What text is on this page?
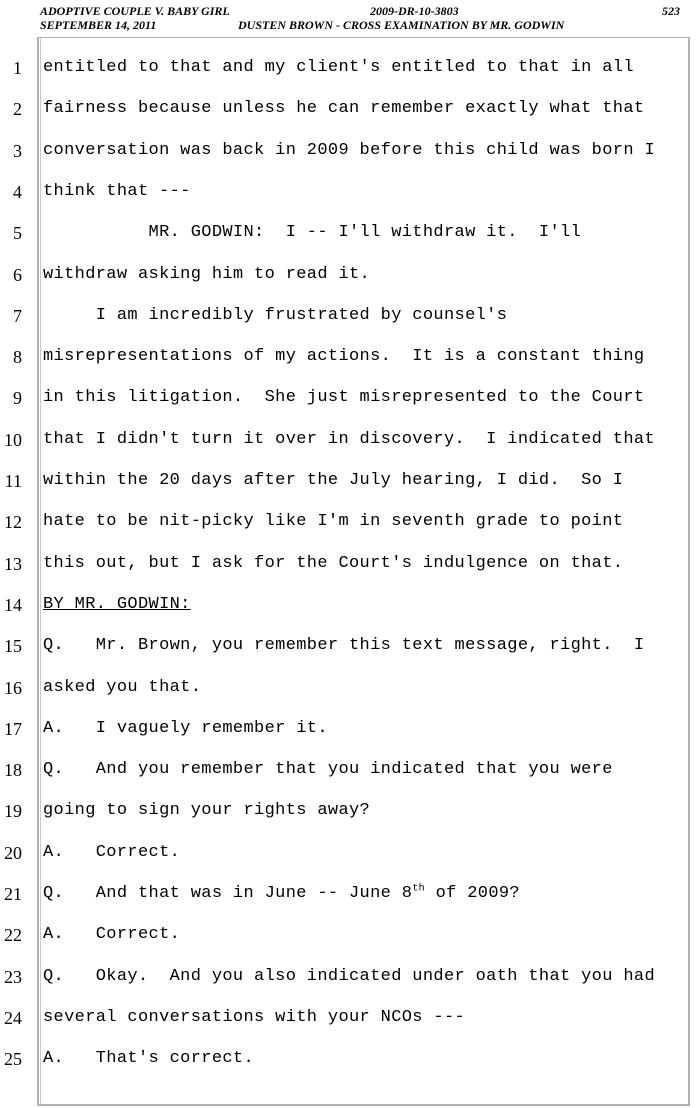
ADOPTIVE COUPLE V. BABY GIRL	2009-DR-10-3803	523
SEPTEMBER 14, 2011	DUSTEN BROWN - CROSS EXAMINATION BY MR. GODWIN
1 entitled to that and my client's entitled to that in all
2 fairness because unless he can remember exactly what that
3 conversation was back in 2009 before this child was born I
4 think that ---
5 MR. GODWIN:  I -- I'll withdraw it.  I'll
6 withdraw asking him to read it.
7 I am incredibly frustrated by counsel's
8 misrepresentations of my actions.  It is a constant thing
9 in this litigation.  She just misrepresented to the Court
10 that I didn't turn it over in discovery.  I indicated that
11 within the 20 days after the July hearing, I did.  So I
12 hate to be nit-picky like I'm in seventh grade to point
13 this out, but I ask for the Court's indulgence on that.
14 BY MR. GODWIN:
15 Q.   Mr. Brown, you remember this text message, right.  I
16 asked you that.
17 A.   I vaguely remember it.
18 Q.   And you remember that you indicated that you were
19 going to sign your rights away?
20 A.   Correct.
21 Q.   And that was in June -- June 8th of 2009?
22 A.   Correct.
23 Q.   Okay.  And you also indicated under oath that you had
24 several conversations with your NCOs ---
25 A.   That's correct.
